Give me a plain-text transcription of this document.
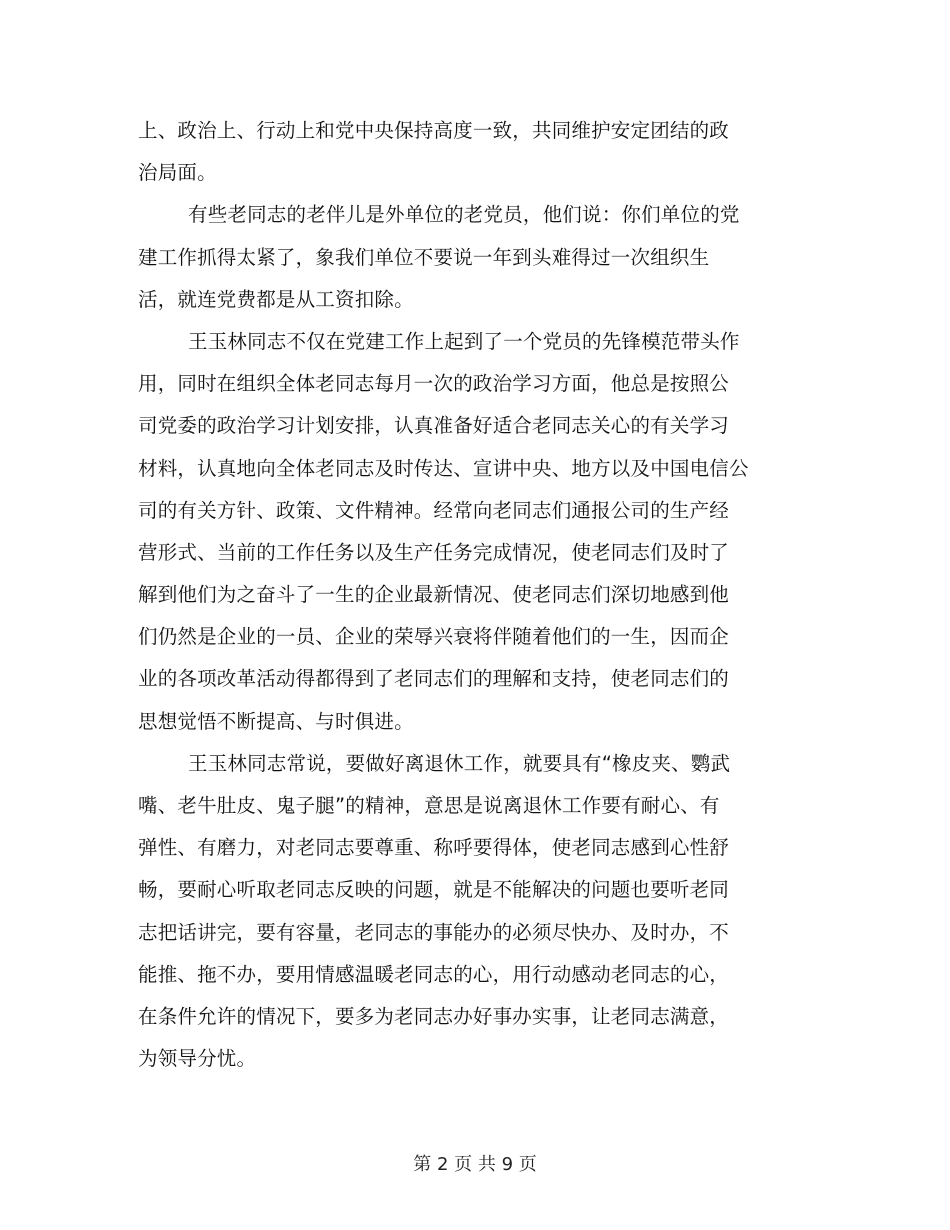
上、政治上、行动上和党中央保持高度一致，共同维护安定团结的政
治局面。
有些老同志的老伴儿是外单位的老党员，他们说：你们单位的党
建工作抓得太紧了，象我们单位不要说一年到头难得过一次组织生
活，就连党费都是从工资扣除。
王玉林同志不仅在党建工作上起到了一个党员的先锋模范带头作
用，同时在组织全体老同志每月一次的政治学习方面，他总是按照公
司党委的政治学习计划安排，认真准备好适合老同志关心的有关学习
材料，认真地向全体老同志及时传达、宣讲中央、地方以及中国电信公
司的有关方针、政策、文件精神。经常向老同志们通报公司的生产经
营形式、当前的工作任务以及生产任务完成情况，使老同志们及时了
解到他们为之奋斗了一生的企业最新情况、使老同志们深切地感到他
们仍然是企业的一员、企业的荣辱兴衰将伴随着他们的一生，因而企
业的各项改革活动得都得到了老同志们的理解和支持，使老同志们的
思想觉悟不断提高、与时俱进。
王玉林同志常说，要做好离退休工作，就要具有“橡皮夹、鹦武
嘴、老牛肚皮、鬼子腿”的精神，意思是说离退休工作要有耐心、有
弹性、有磨力，对老同志要尊重、称呼要得体，使老同志感到心性舒
畅，要耐心听取老同志反映的问题，就是不能解决的问题也要听老同
志把话讲完，要有容量，老同志的事能办的必须尽快办、及时办，不
能推、拖不办，要用情感温暖老同志的心，用行动感动老同志的心，
在条件允许的情况下，要多为老同志办好事办实事，让老同志满意，
为领导分忧。
第 2 页 共 9 页
